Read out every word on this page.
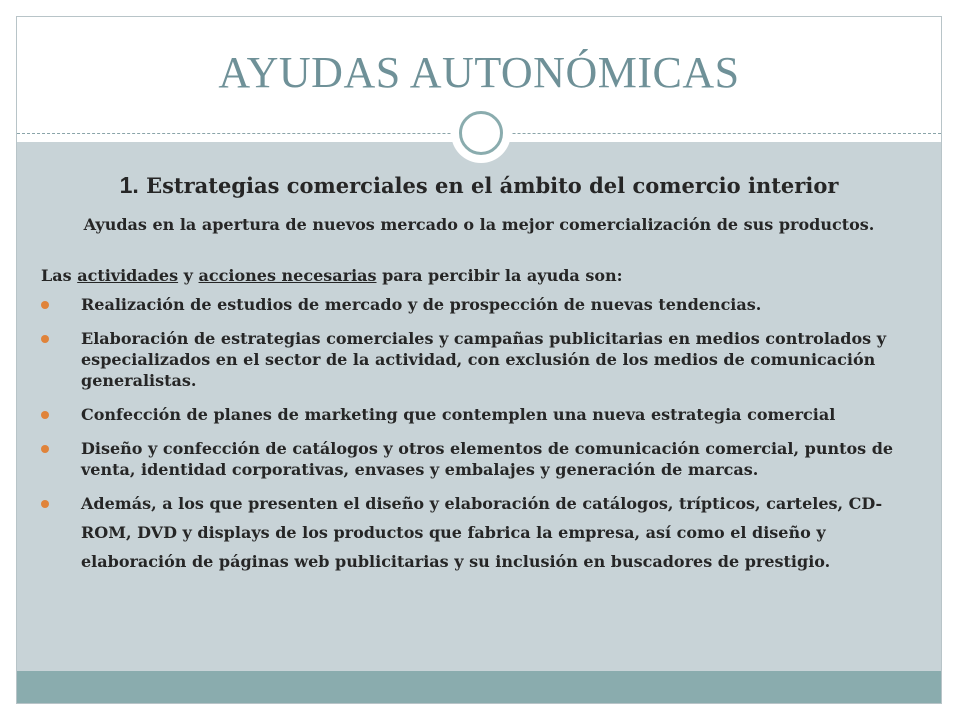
AYUDAS AUTONÓMICAS
1. Estrategias comerciales en el ámbito del comercio interior
Ayudas en la apertura de nuevos mercado o la mejor comercialización de sus productos.
Las actividades y acciones necesarias para percibir la ayuda son:
Realización de estudios de mercado y de prospección de nuevas tendencias.
Elaboración de estrategias comerciales y campañas publicitarias en medios controlados y especializados en el sector de la actividad, con exclusión de los medios de comunicación generalistas.
Confección de planes de marketing que contemplen una nueva estrategia comercial
Diseño y confección de catálogos y otros elementos de comunicación comercial, puntos de venta, identidad corporativas, envases y embalajes y generación de marcas.
Además, a los que presenten el diseño y elaboración de catálogos, trípticos, carteles, CD-ROM, DVD y displays de los productos que fabrica la empresa, así como el diseño y elaboración de páginas web publicitarias y su inclusión en buscadores de prestigio.
